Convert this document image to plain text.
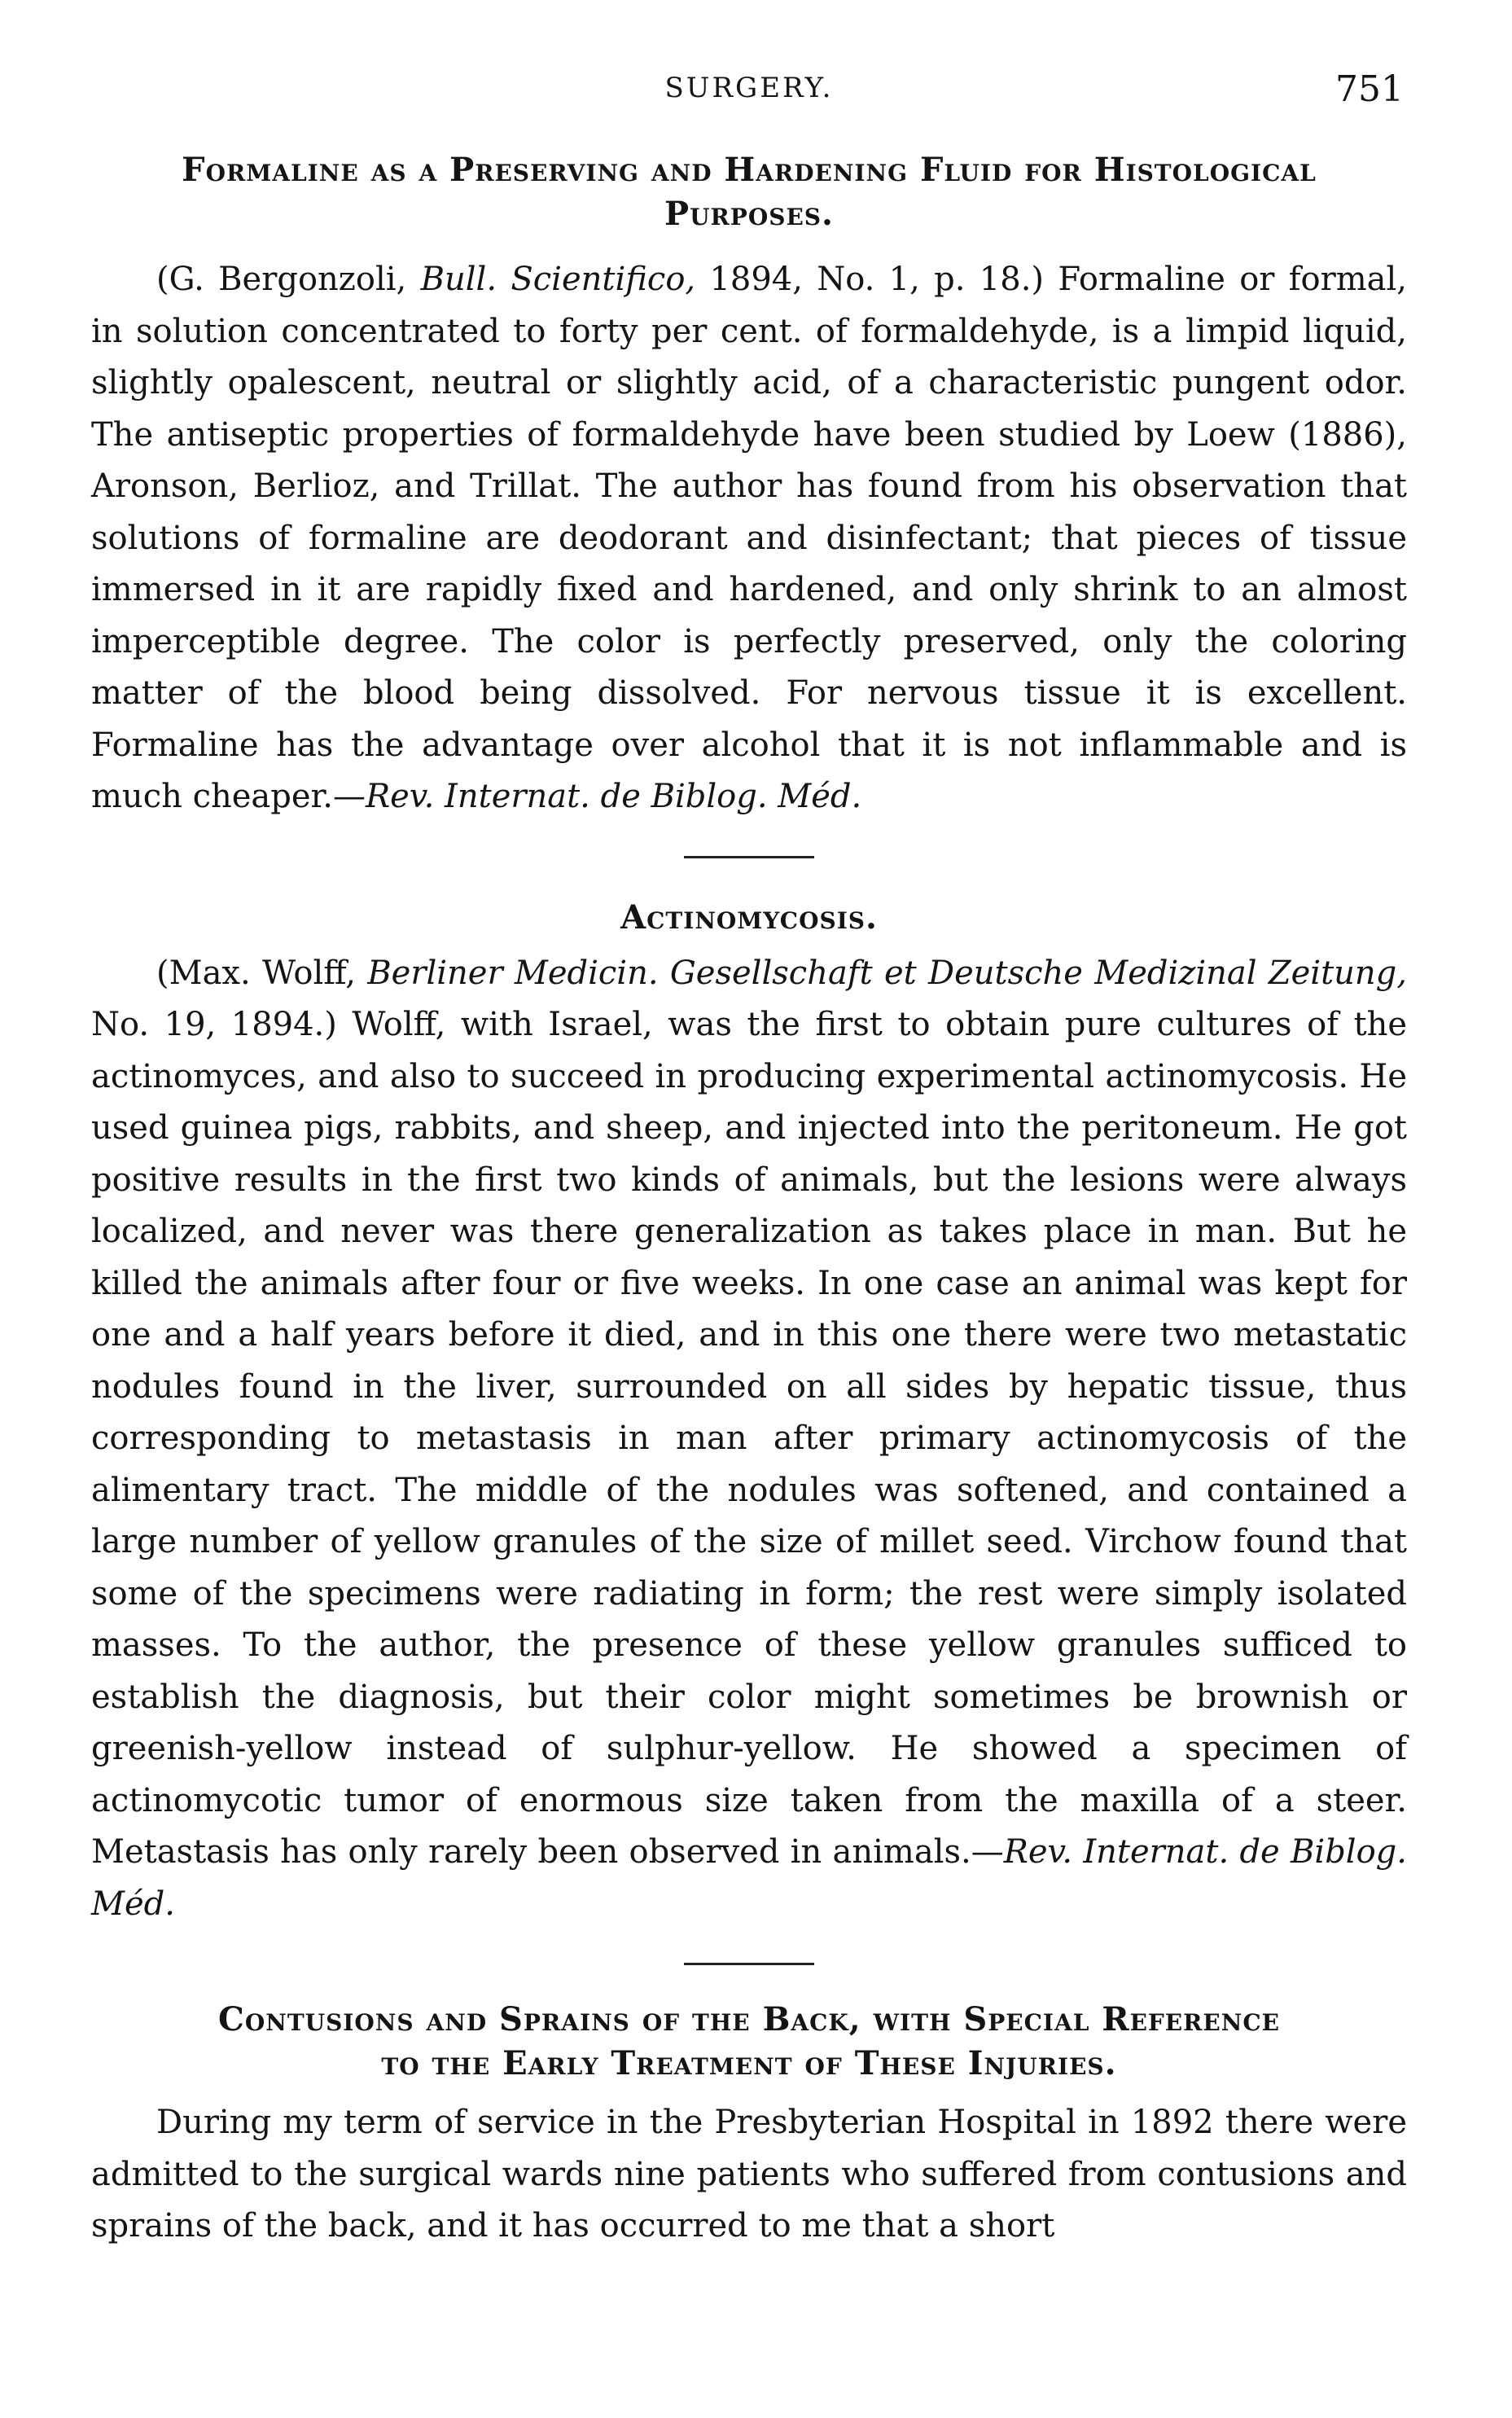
SURGERY.	751
Formaline as a Preserving and Hardening Fluid for Histological
Purposes.

(G. Bergonzoli, Bull. Scientifico, 1894, No. 1, p. 18.) Formaline or formal, in solution concentrated to forty per cent. of formaldehyde, is a limpid liquid, slightly opalescent, neutral or slightly acid, of a characteristic pungent odor. The antiseptic properties of formaldehyde have been studied by Loew (1886), Aronson, Berlioz, and Trillat. The author has found from his observation that solutions of formaline are deodorant and disinfectant; that pieces of tissue immersed in it are rapidly fixed and hardened, and only shrink to an almost imperceptible degree. The color is perfectly preserved, only the coloring matter of the blood being dissolved. For nervous tissue it is excellent. Formaline has the advantage over alcohol that it is not inflammable and is much cheaper.—Rev. Internat. de Biblog. Méd.

Actinomycosis.

(Max. Wolff, Berliner Medicin. Gesellschaft et Deutsche Medizinal Zeitung, No. 19, 1894.) Wolff, with Israel, was the first to obtain pure cultures of the actinomyces, and also to succeed in producing experimental actinomycosis. He used guinea pigs, rabbits, and sheep, and injected into the peritoneum. He got positive results in the first two kinds of animals, but the lesions were always localized, and never was there generalization as takes place in man. But he killed the animals after four or five weeks. In one case an animal was kept for one and a half years before it died, and in this one there were two metastatic nodules found in the liver, surrounded on all sides by hepatic tissue, thus corresponding to metastasis in man after primary actinomycosis of the alimentary tract. The middle of the nodules was softened, and contained a large number of yellow granules of the size of millet seed. Virchow found that some of the specimens were radiating in form; the rest were simply isolated masses. To the author, the presence of these yellow granules sufficed to establish the diagnosis, but their color might sometimes be brownish or greenish-yellow instead of sulphur-yellow. He showed a specimen of actinomycotic tumor of enormous size taken from the maxilla of a steer. Metastasis has only rarely been observed in animals.—Rev. Internat. de Biblog. Méd.

Contusions and Sprains of the Back, with Special Reference
to the Early Treatment of These Injuries.

During my term of service in the Presbyterian Hospital in 1892 there were admitted to the surgical wards nine patients who suffered from contusions and sprains of the back, and it has occurred to me that a short
